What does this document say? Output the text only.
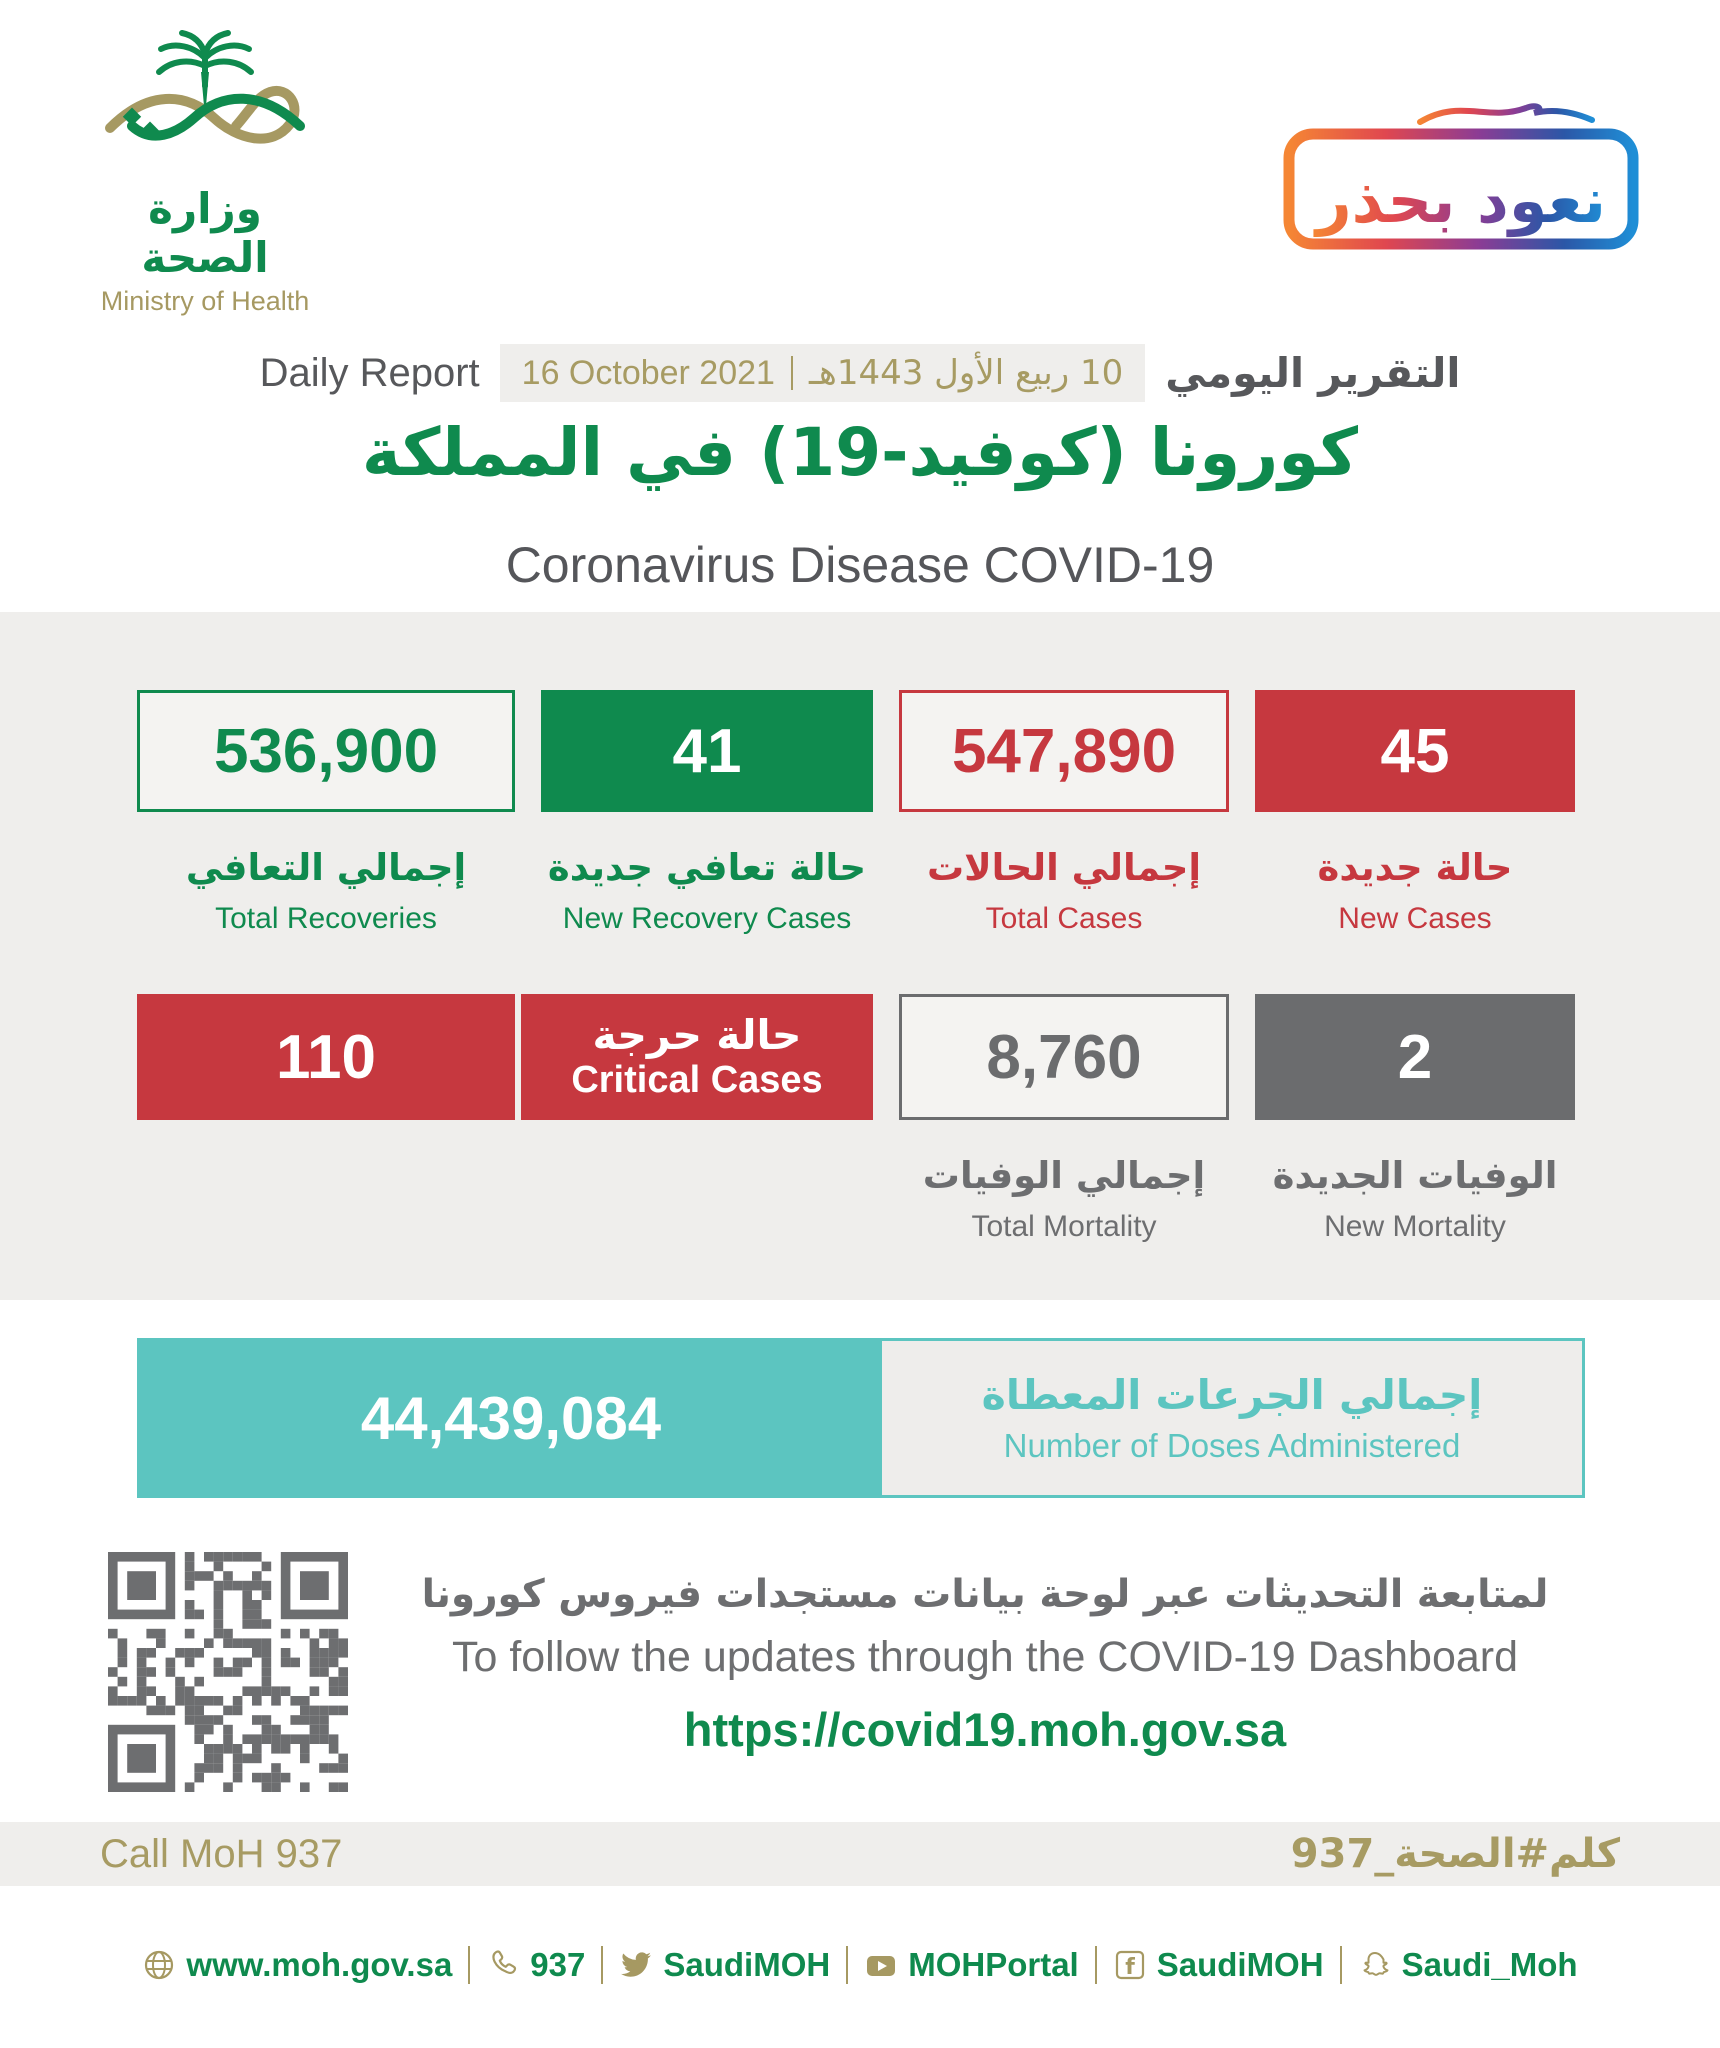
وزارة الصحة
Ministry of Health
نعود بحذر
Daily Report 16 October 2021 10 ربيع الأول 1443هـ التقرير اليومي
كورونا (كوفيد-19) في المملكة
Coronavirus Disease COVID-19
536,900
إجمالي التعافي
Total Recoveries
41
حالة تعافي جديدة
New Recovery Cases
547,890
إجمالي الحالات
Total Cases
45
حالة جديدة
New Cases
110	حالة حرجة
Critical Cases	8,760
إجمالي الوفيات
Total Mortality
2
الوفيات الجديدة
New Mortality
44,439,084	إجمالي الجرعات المعطاة
Number of Doses Administered
لمتابعة التحديثات عبر لوحة بيانات مستجدات فيروس كورونا
To follow the updates through the COVID-19 Dashboard
https://covid19.moh.gov.sa
Call MoH 937	كلم#الصحة_937
www.moh.gov.sa 937 SaudiMOH MOHPortal f SaudiMOH Saudi_Moh
